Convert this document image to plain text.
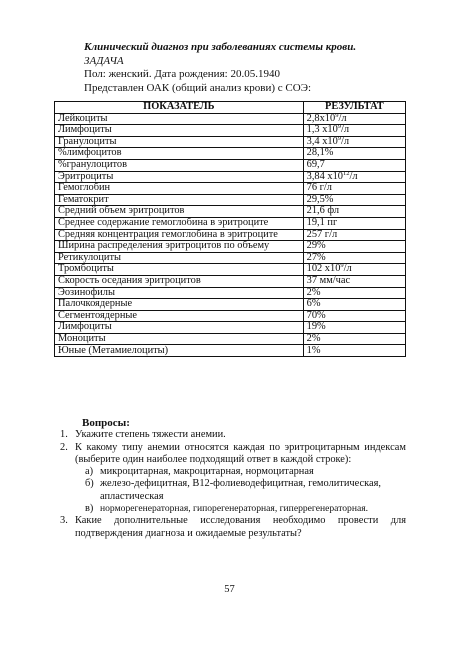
Клинический диагноз при заболеваниях системы крови.
ЗАДАЧА
Пол: женский. Дата рождения: 20.05.1940
Представлен ОАК (общий анализ крови) с СОЭ:
ПОКАЗАТЕЛЬ	РЕЗУЛЬТАТ
Лейкоциты	$2,8х10^9/л$
Лимфоциты	1,3 $х10^9/л$
Гранулоциты	3,4 $х10^9/л$
%лимфоцитов	28,1%
%гранулоцитов	69,7
Эритроциты	3,84 $х10^{12}/л$
Гемоглобин	76 г/л
Гематокрит	29,5%
Средний объем эритроцитов	21,6 фл
Среднее содержание гемоглобина в эритроците	19,1 пг
Средняя концентрация гемоглобина в эритроците	257 г/л
Ширина распределения эритроцитов по объему	29%
Ретикулоциты	27%
Тромбоциты	102 $х10^9/л$
Скорость оседания эритроцитов	37 мм/час
Эозинофилы	2%
Палочкоядерные	6%
Сегментоядерные	70%
Лимфоциты	19%
Моноциты	2%
Юные (Метамиелоциты)	1%
Вопросы:
1. Укажите степень тяжести анемии.
2. К какому типу анемии относятся каждая по эритроцитарным индексам (выберите один наиболее подходящий ответ в каждой строке):
а) микроцитарная, макроцитарная, нормоцитарная
б) железо-дефицитная, В12-фолиеводефицитная, гемолитическая, апластическая
в) норморегенераторная, гипорегенераторная, гиперрегенераторная.
3. Какие дополнительные исследования необходимо провести для подтверждения диагноза и ожидаемые результаты?
57
